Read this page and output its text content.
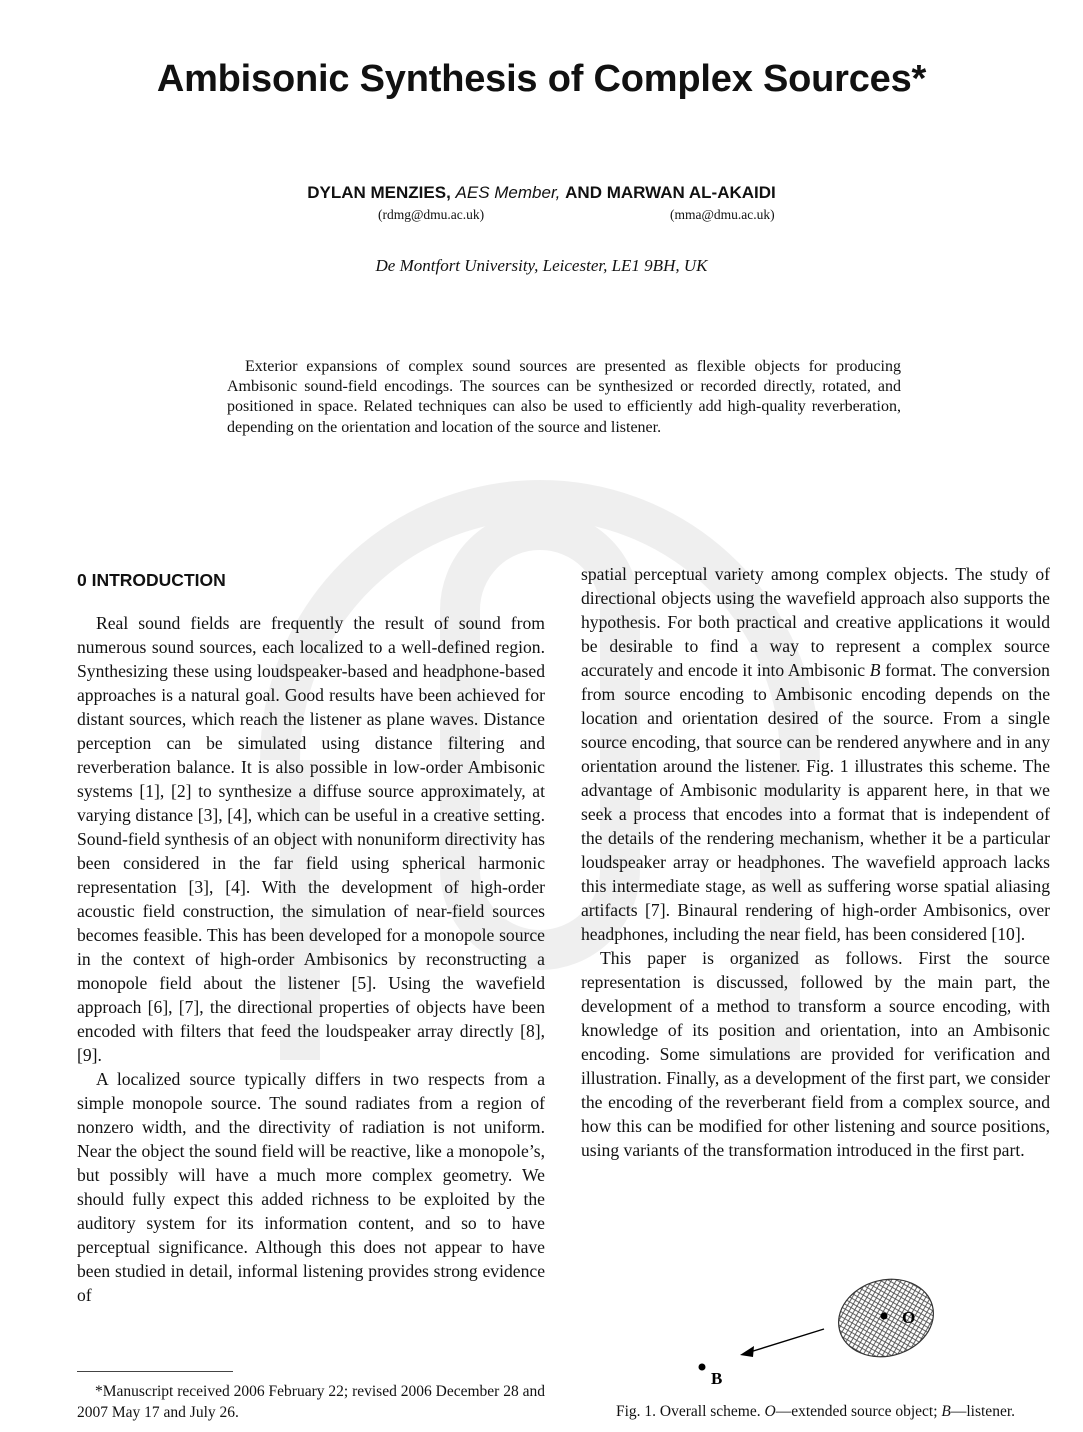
Ambisonic Synthesis of Complex Sources*
DYLAN MENZIES, AES Member, AND MARWAN AL-AKAIDI
(rdmg@dmu.ac.uk)	(mma@dmu.ac.uk)
De Montfort University, Leicester, LE1 9BH, UK

Exterior expansions of complex sound sources are presented as flexible objects for producing Ambisonic sound-field encodings. The sources can be synthesized or recorded directly, rotated, and positioned in space. Related techniques can also be used to efficiently add high-quality reverberation, depending on the orientation and location of the source and listener.

0 INTRODUCTION

Real sound fields are frequently the result of sound from numerous sound sources, each localized to a well-defined region. Synthesizing these using loudspeaker-based and headphone-based approaches is a natural goal. Good results have been achieved for distant sources, which reach the listener as plane waves. Distance perception can be simulated using distance filtering and reverberation balance. It is also possible in low-order Ambisonic systems [1], [2] to synthesize a diffuse source approximately, at varying distance [3], [4], which can be useful in a creative setting. Sound-field synthesis of an object with nonuniform directivity has been considered in the far field using spherical harmonic representation [3], [4]. With the development of high-order acoustic field construction, the simulation of near-field sources becomes feasible. This has been developed for a monopole source in the context of high-order Ambisonics by reconstructing a monopole field about the listener [5]. Using the wavefield approach [6], [7], the directional properties of objects have been encoded with filters that feed the loudspeaker array directly [8], [9].

A localized source typically differs in two respects from a simple monopole source. The sound radiates from a region of nonzero width, and the directivity of radiation is not uniform. Near the object the sound field will be reactive, like a monopole’s, but possibly will have a much more complex geometry. We should fully expect this added richness to be exploited by the auditory system for its information content, and so to have perceptual significance. Although this does not appear to have been studied in detail, informal listening provides strong evidence of

spatial perceptual variety among complex objects. The study of directional objects using the wavefield approach also supports the hypothesis. For both practical and creative applications it would be desirable to find a way to represent a complex source accurately and encode it into Ambisonic B format. The conversion from source encoding to Ambisonic encoding depends on the location and orientation desired of the source. From a single source encoding, that source can be rendered anywhere and in any orientation around the listener. Fig. 1 illustrates this scheme. The advantage of Ambisonic modularity is apparent here, in that we seek a process that encodes into a format that is independent of the details of the rendering mechanism, whether it be a particular loudspeaker array or headphones. The wavefield approach lacks this intermediate stage, as well as suffering worse spatial aliasing artifacts [7]. Binaural rendering of high-order Ambisonics, over headphones, including the near field, has been considered [10].

This paper is organized as follows. First the source representation is discussed, followed by the main part, the development of a method to transform a source encoding, with knowledge of its position and orientation, into an Ambisonic encoding. Some simulations are provided for verification and illustration. Finally, as a development of the first part, we consider the encoding of the reverberant field from a complex source, and how this can be modified for other listening and source positions, using variants of the transformation introduced in the first part.

*Manuscript received 2006 February 22; revised 2006 December 28 and 2007 May 17 and July 26.

O
B
Fig. 1. Overall scheme. O—extended source object; B—listener.
